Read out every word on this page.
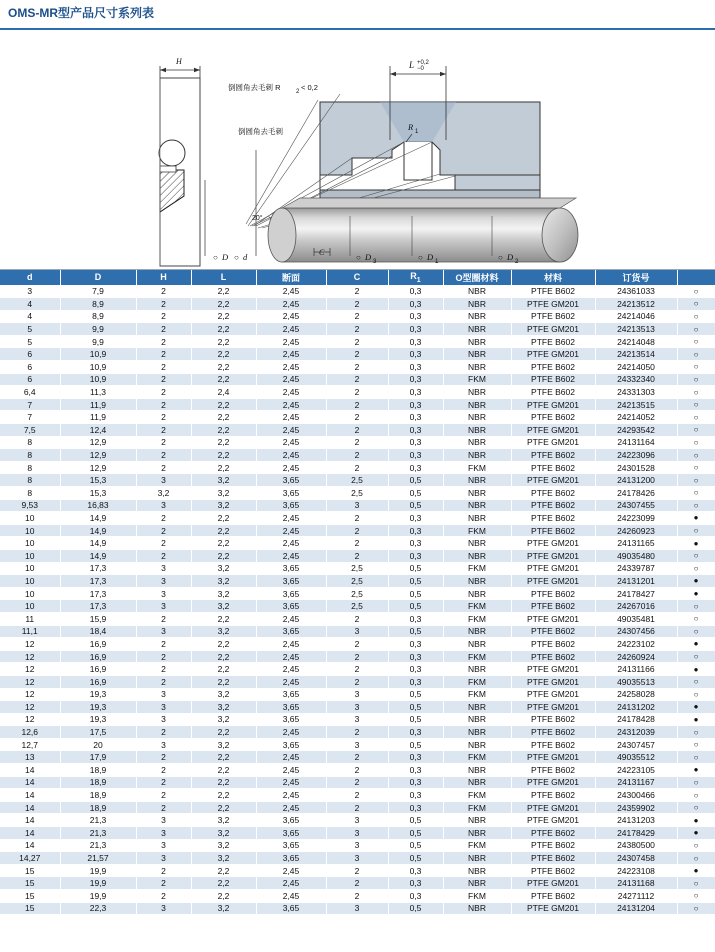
OMS-MR型产品尺寸系列表
H
○ D ○ d
L +0,2
−0
R 1
倒圆角去毛刺 R	2 < 0,2
倒圆角去毛刺
20°
C
○ D 3	○ D 1	○ D 2
d	D	H	L	断面	C	$R_1$	O型圈材料	材料	订货号	
3	7,9	2	2,2	2,45	2	0,3	NBR	PTFE B602	24361033	○
4	8,9	2	2,2	2,45	2	0,3	NBR	PTFE GM201	24213512	○
4	8,9	2	2,2	2,45	2	0,3	NBR	PTFE B602	24214046	○
5	9,9	2	2,2	2,45	2	0,3	NBR	PTFE GM201	24213513	○
5	9,9	2	2,2	2,45	2	0,3	NBR	PTFE B602	24214048	○
6	10,9	2	2,2	2,45	2	0,3	NBR	PTFE GM201	24213514	○
6	10,9	2	2,2	2,45	2	0,3	NBR	PTFE B602	24214050	○
6	10,9	2	2,2	2,45	2	0,3	FKM	PTFE B602	24332340	○
6,4	11,3	2	2,4	2,45	2	0,3	NBR	PTFE B602	24331303	○
7	11,9	2	2,2	2,45	2	0,3	NBR	PTFE GM201	24213515	○
7	11,9	2	2,2	2,45	2	0,3	NBR	PTFE B602	24214052	○
7,5	12,4	2	2,2	2,45	2	0,3	NBR	PTFE GM201	24293542	○
8	12,9	2	2,2	2,45	2	0,3	NBR	PTFE GM201	24131164	○
8	12,9	2	2,2	2,45	2	0,3	NBR	PTFE B602	24223096	○
8	12,9	2	2,2	2,45	2	0,3	FKM	PTFE B602	24301528	○
8	15,3	3	3,2	3,65	2,5	0,5	NBR	PTFE GM201	24131200	○
8	15,3	3,2	3,2	3,65	2,5	0,5	NBR	PTFE B602	24178426	○
9,53	16,83	3	3,2	3,65	3	0,5	NBR	PTFE B602	24307455	○
10	14,9	2	2,2	2,45	2	0,3	NBR	PTFE B602	24223099	●
10	14,9	2	2,2	2,45	2	0,3	FKM	PTFE B602	24260923	○
10	14,9	2	2,2	2,45	2	0,3	NBR	PTFE GM201	24131165	●
10	14,9	2	2,2	2,45	2	0,3	NBR	PTFE GM201	49035480	○
10	17,3	3	3,2	3,65	2,5	0,5	FKM	PTFE GM201	24339787	○
10	17,3	3	3,2	3,65	2,5	0,5	NBR	PTFE GM201	24131201	●
10	17,3	3	3,2	3,65	2,5	0,5	NBR	PTFE B602	24178427	●
10	17,3	3	3,2	3,65	2,5	0,5	FKM	PTFE B602	24267016	○
11	15,9	2	2,2	2,45	2	0,3	FKM	PTFE GM201	49035481	○
11,1	18,4	3	3,2	3,65	3	0,5	NBR	PTFE B602	24307456	○
12	16,9	2	2,2	2,45	2	0,3	NBR	PTFE B602	24223102	●
12	16,9	2	2,2	2,45	2	0,3	FKM	PTFE B602	24260924	○
12	16,9	2	2,2	2,45	2	0,3	NBR	PTFE GM201	24131166	●
12	16,9	2	2,2	2,45	2	0,3	FKM	PTFE GM201	49035513	○
12	19,3	3	3,2	3,65	3	0,5	FKM	PTFE GM201	24258028	○
12	19,3	3	3,2	3,65	3	0,5	NBR	PTFE GM201	24131202	●
12	19,3	3	3,2	3,65	3	0,5	NBR	PTFE B602	24178428	●
12,6	17,5	2	2,2	2,45	2	0,3	NBR	PTFE B602	24312039	○
12,7	20	3	3,2	3,65	3	0,5	NBR	PTFE B602	24307457	○
13	17,9	2	2,2	2,45	2	0,3	FKM	PTFE GM201	49035512	○
14	18,9	2	2,2	2,45	2	0,3	NBR	PTFE B602	24223105	●
14	18,9	2	2,2	2,45	2	0,3	NBR	PTFE GM201	24131167	○
14	18,9	2	2,2	2,45	2	0,3	FKM	PTFE B602	24300466	○
14	18,9	2	2,2	2,45	2	0,3	FKM	PTFE GM201	24359902	○
14	21,3	3	3,2	3,65	3	0,5	NBR	PTFE GM201	24131203	●
14	21,3	3	3,2	3,65	3	0,5	NBR	PTFE B602	24178429	●
14	21,3	3	3,2	3,65	3	0,5	FKM	PTFE B602	24380500	○
14,27	21,57	3	3,2	3,65	3	0,5	NBR	PTFE B602	24307458	○
15	19,9	2	2,2	2,45	2	0,3	NBR	PTFE B602	24223108	●
15	19,9	2	2,2	2,45	2	0,3	NBR	PTFE GM201	24131168	○
15	19,9	2	2,2	2,45	2	0,3	FKM	PTFE B602	24271112	○
15	22,3	3	3,2	3,65	3	0,5	NBR	PTFE GM201	24131204	○
